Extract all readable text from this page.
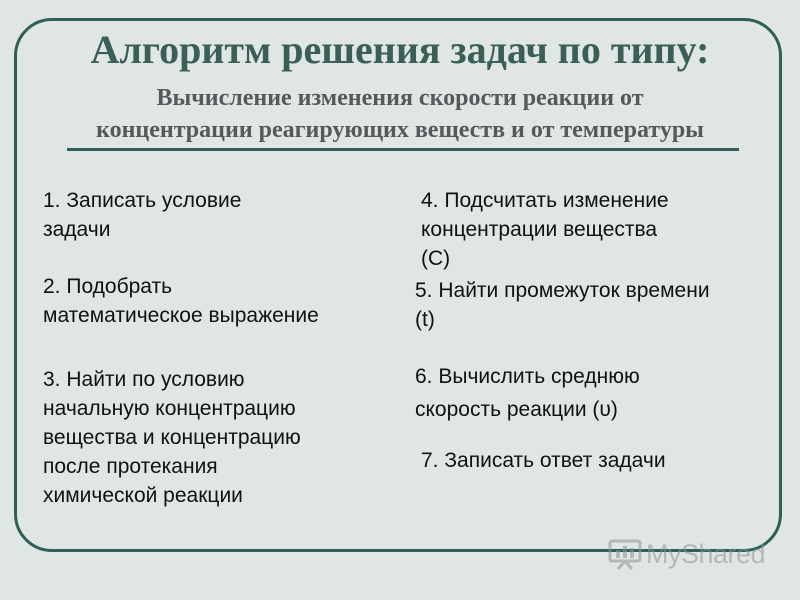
Алгоритм решения задач по типу:
Вычисление изменения скорости реакции от
концентрации реагирующих веществ и от температуры
1. Записать условие
задачи
2. Подобрать
математическое выражение
3. Найти по условию
начальную концентрацию
вещества и концентрацию
после протекания
химической реакции
4. Подсчитать изменение
концентрации вещества
(С)
5. Найти промежуток времени
(t)
6. Вычислить среднюю
скорость реакции (υ)
7. Записать ответ задачи
MyShared
